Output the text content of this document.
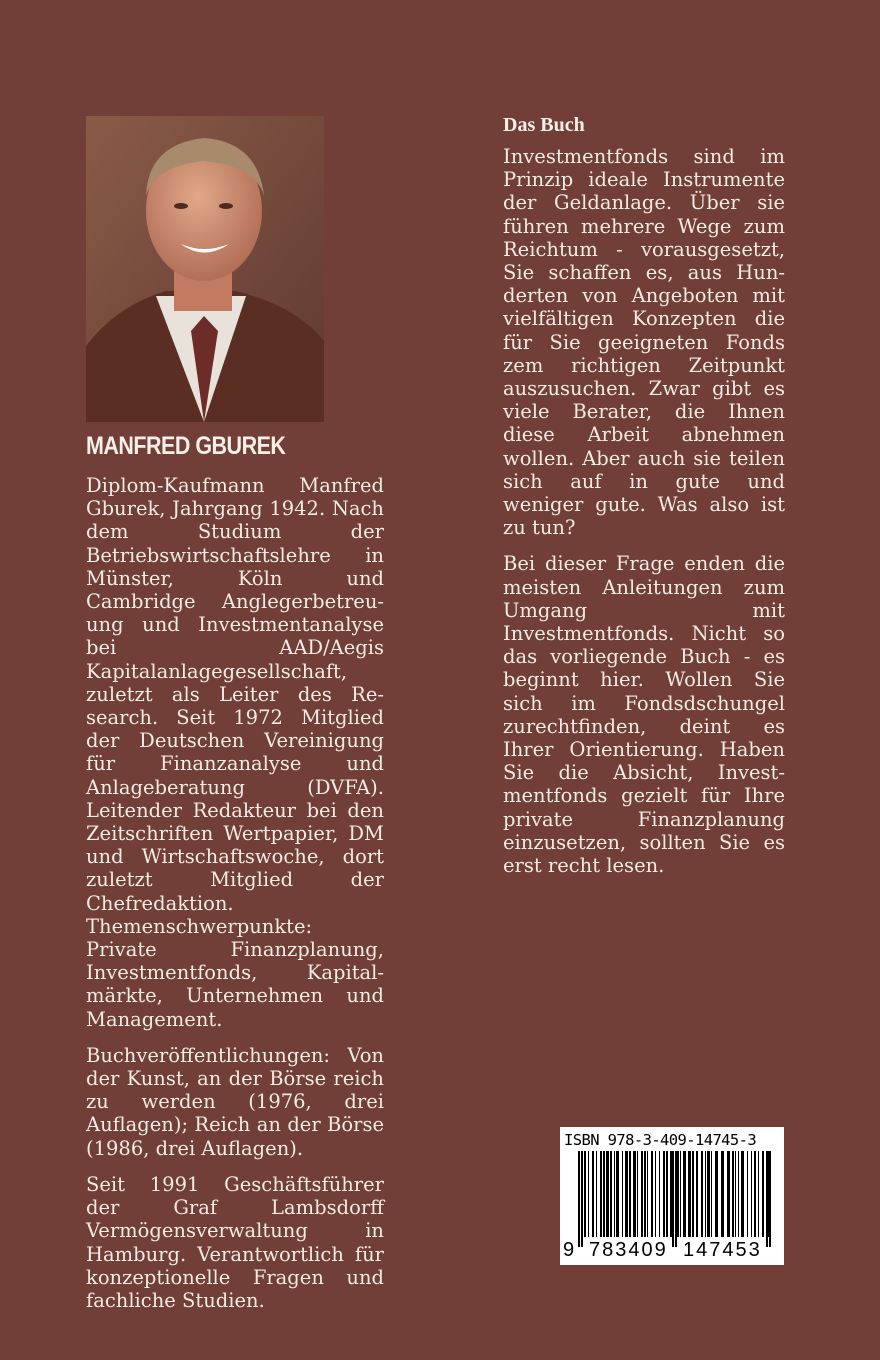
MANFRED GBUREK

Diplom-Kaufmann Manfred Gburek, Jahrgang 1942. Nach dem Studium der Betriebswirtschaftslehre in Münster, Köln und Cambridge Anglegerbetreuung und Investmentanalyse bei AAD/Aegis Kapitalanlagegesellschaft, zuletzt als Leiter des Research. Seit 1972 Mitglied der Deutschen Vereinigung für Finanzanalyse und Anlageberatung (DVFA). Leitender Redakteur bei den Zeitschriften Wertpapier, DM und Wirtschaftswoche, dort zuletzt Mitglied der Chefredaktion. Themenschwerpunkte: Private Finanzplanung, Investmentfonds, Kapitalmärkte, Unternehmen und Management.

Buchveröffentlichungen: Von der Kunst, an der Börse reich zu werden (1976, drei Auflagen); Reich an der Börse (1986, drei Auflagen).

Seit 1991 Geschäftsführer der Graf Lambsdorff Vermögensverwaltung in Hamburg. Verantwortlich für konzeptionelle Fragen und fachliche Studien.

Das Buch

Investmentfonds sind im Prinzip ideale Instrumente der Geldanlage. Über sie führen mehrere Wege zum Reichtum - vorausgesetzt, Sie schaffen es, aus Hunderten von Angeboten mit vielfältigen Konzepten die für Sie geeigneten Fonds zem richtigen Zeitpunkt auszusuchen. Zwar gibt es viele Berater, die Ihnen diese Arbeit abnehmen wollen. Aber auch sie teilen sich auf in gute und weniger gute. Was also ist zu tun?

Bei dieser Frage enden die meisten Anleitungen zum Umgang mit Investmentfonds. Nicht so das vorliegende Buch - es beginnt hier. Wollen Sie sich im Fondsdschungel zurechtfinden, deint es Ihrer Orientierung. Haben Sie die Absicht, Investmentfonds gezielt für Ihre private Finanzplanung einzusetzen, sollten Sie es erst recht lesen.

ISBN 978-3-409-14745-3
9 783409 147453
